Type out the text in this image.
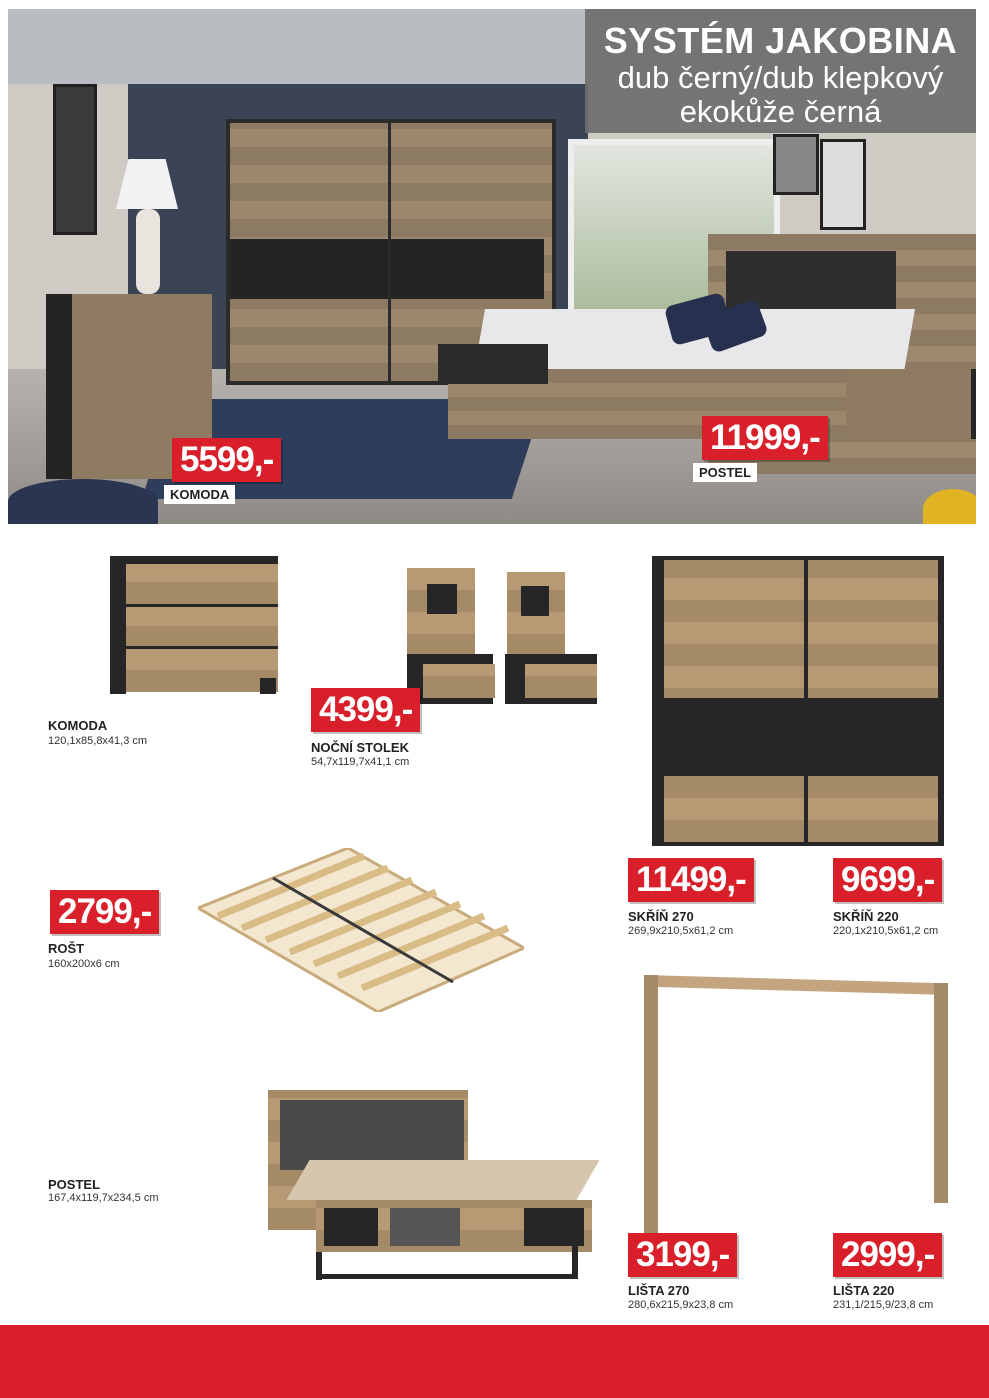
SYSTÉM JAKOBINA
dub černý/dub klepkový
ekokůže černá
5599,-
KOMODA
11999,-
POSTEL
KOMODA
120,1x85,8x41,3 cm
4399,-
NOČNÍ STOLEK
54,7x119,7x41,1 cm
11499,-
SKŘÍŇ 270
269,9x210,5x61,2 cm
9699,-
SKŘÍŇ 220
220,1x210,5x61,2 cm
2799,-
ROŠT
160x200x6 cm
3199,-
LIŠTA 270
280,6x215,9x23,8 cm
2999,-
LIŠTA 220
231,1/215,9/23,8 cm
POSTEL
167,4x119,7x234,5 cm
